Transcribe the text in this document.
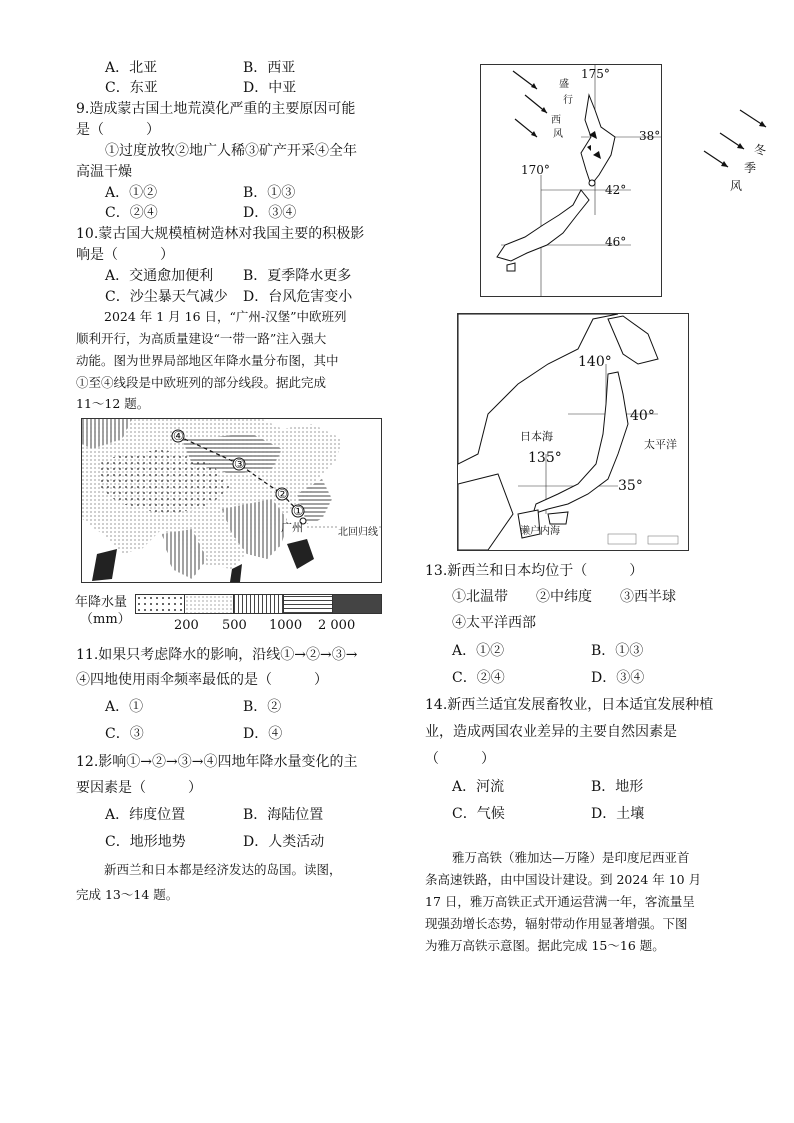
A．北亚	B．西亚
C．东亚	D．中亚
9.造成蒙古国土地荒漠化严重的主要原因可能
是（　　　）
①过度放牧②地广人稀③矿产开采④全年
高温干燥
A．①②	B．①③
C．②④	D．③④
10.蒙古国大规模植树造林对我国主要的积极影
响是（　　　）
A．交通愈加便利 B．夏季降水更多
C．沙尘暴天气减少 D．台风危害变小
2024 年 1 月 16 日，“广州-汉堡”中欧班列
顺利开行，为高质量建设“一带一路”注入强大
动能。图为世界局部地区年降水量分布图，其中
①至④线段是中欧班列的部分线段。据此完成
11～12 题。
④
③
②
①
广州	北回归线
年降水量
（mm）	200 500 1000 2 000
11.如果只考虑降水的影响，沿线①→②→③→
④四地使用雨伞频率最低的是（　　　）
A．①	B．②
C．③	D．④
12.影响①→②→③→④四地年降水量变化的主
要因素是（　　　）
A．纬度位置	B．海陆位置
C．地形地势	D．人类活动
新西兰和日本都是经济发达的岛国。读图，
完成 13～14 题。
175°
38°
170°
42°
46°
盛
行
西
风
冬
季
风
140°
40°
日本海
太平洋
135°
35°
濑户内海
13.新西兰和日本均位于（　　　）
①北温带 ②中纬度 ③西半球
④太平洋西部
A．①②	B．①③
C．②④	D．③④
14.新西兰适宜发展畜牧业，日本适宜发展种植
业，造成两国农业差异的主要自然因素是
（　　　）
A．河流	B．地形
C．气候	D．土壤
雅万高铁（雅加达—万隆）是印度尼西亚首
条高速铁路，由中国设计建设。到 2024 年 10 月
17 日，雅万高铁正式开通运营满一年，客流量呈
现强劲增长态势，辐射带动作用显著增强。下图
为雅万高铁示意图。据此完成 15～16 题。
